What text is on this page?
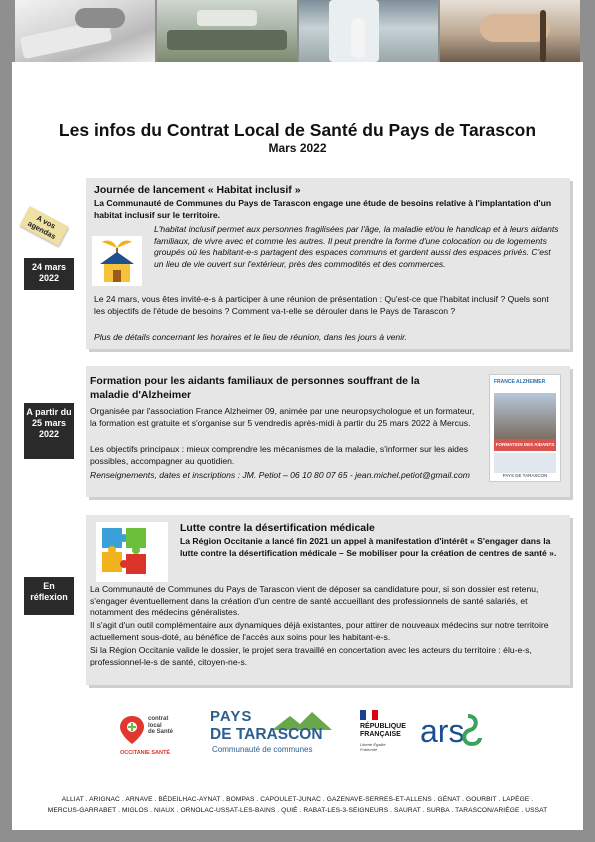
Les infos du Contrat Local de Santé du Pays de Tarascon
Mars 2022
A vos agendas
24 mars 2022
Journée de lancement « Habitat inclusif »
La Communauté de Communes du Pays de Tarascon engage une étude de besoins relative à l'implantation d'un habitat inclusif sur le territoire.
L'habitat inclusif permet aux personnes fragilisées par l'âge, la maladie et/ou le handicap et à leurs aidants familiaux, de vivre avec et comme les autres. Il peut prendre la forme d'une colocation ou de logements groupés où les habitant-e-s partagent des espaces communs et gardent aussi des espaces privés. C'est un lieu de vie ouvert sur l'extérieur, près des commodités et des commerces.
Le 24 mars, vous êtes invité-e-s à participer à une réunion de présentation : Qu'est-ce que l'habitat inclusif ? Quels sont les objectifs de l'étude de besoins ? Comment va-t-elle se dérouler dans le Pays de Tarascon ?
Plus de détails concernant les horaires et le lieu de réunion, dans les jours à venir.
A partir du 25 mars 2022
Formation pour les aidants familiaux de personnes souffrant de la maladie d'Alzheimer
Organisée par l'association France Alzheimer 09, animée par une neuropsychologue et un formateur, la formation est gratuite et s'organise sur 5 vendredis après-midi à partir du 25 mars 2022 à Mercus.
Les objectifs principaux : mieux comprendre les mécanismes de la maladie, s'informer sur les aides possibles, accompagner au quotidien.
Renseignements, dates et inscriptions : JM. Petiot – 06 10 80 07 65 - jean.michel.petiot@gmail.com
FRANCE ALZHEIMER
FORMATION DES AIDANTS
PAYS DE TARASCON
En réflexion
Lutte contre la désertification médicale
La Région Occitanie a lancé fin 2021 un appel à manifestation d'intérêt « S'engager dans la lutte contre la désertification médicale – Se mobiliser pour la création de centres de santé ».
La Communauté de Communes du Pays de Tarascon vient de déposer sa candidature pour, si son dossier est retenu, s'engager éventuellement dans la création d'un centre de santé accueillant des professionnels de santé salariés, et notamment des médecins généralistes.
Il s'agit d'un outil complémentaire aux dynamiques déjà existantes, pour attirer de nouveaux médecins sur notre territoire actuellement sous-doté, au bénéfice de l'accès aux soins pour les habitant-e-s.
Si la Région Occitanie valide le dossier, le projet sera travaillé en concertation avec les acteurs du territoire : élu-e-s, professionnel-le-s de santé, citoyen-ne-s.
contrat
local
de Santé
OCCITANIE SANTÉ
PAYS
DE TARASCON
Communauté de communes
RÉPUBLIQUE
FRANÇAISE
Liberté Égalité Fraternité
ars
ALLIAT . ARIGNAC . ARNAVE . BÉDEILHAC-AYNAT . BOMPAS . CAPOULET-JUNAC . GAZENAVE-SERRES-ET-ALLENS . GÉNAT . GOURBIT . LAPÈGE .
MERCUS-GARRABET . MIGLOS . NIAUX . ORNOLAC-USSAT-LES-BAINS . QUIÉ . RABAT-LES-3-SEIGNEURS . SAURAT . SURBA . TARASCON/ARIÈGE . USSAT
